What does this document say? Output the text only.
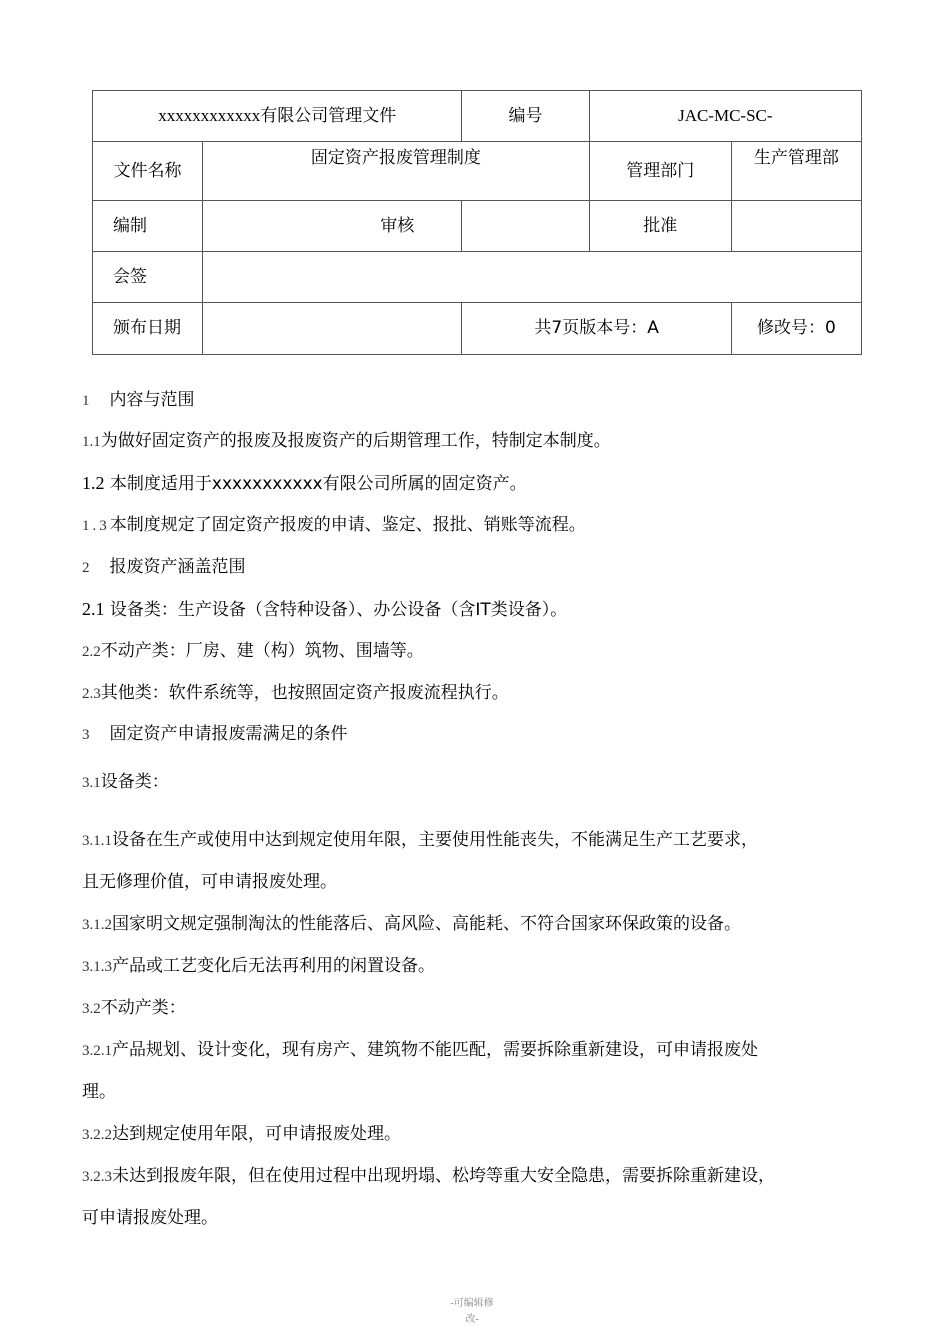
xxxxxxxxxxxx有限公司管理文件		编号	JAC-MC-SC-	
文件名称	固定资产报废管理制度		管理部门	生产管理部
编制	审核		批准	
会签				
颁布日期		共7页版本号：A		修改号：0
1 内容与范围
1.1为做好固定资产的报废及报废资产的后期管理工作，特制定本制度。
1.2 本制度适用于xxxxxxxxxxx有限公司所属的固定资产。
1.3本制度规定了固定资产报废的申请、鉴定、报批、销账等流程。
2 报废资产涵盖范围
2.1 设备类：生产设备（含特种设备）、办公设备（含IT类设备）。
2.2不动产类：厂房、建（构）筑物、围墙等。
2.3其他类：软件系统等，也按照固定资产报废流程执行。
3 固定资产申请报废需满足的条件
3.1设备类：
3.1.1设备在生产或使用中达到规定使用年限，主要使用性能丧失，不能满足生产工艺要求，
且无修理价值，可申请报废处理。
3.1.2国家明文规定强制淘汰的性能落后、高风险、高能耗、不符合国家环保政策的设备。
3.1.3产品或工艺变化后无法再利用的闲置设备。
3.2不动产类：
3.2.1产品规划、设计变化，现有房产、建筑物不能匹配，需要拆除重新建设，可申请报废处
理。
3.2.2达到规定使用年限，可申请报废处理。
3.2.3未达到报废年限，但在使用过程中出现坍塌、松垮等重大安全隐患，需要拆除重新建设，
可申请报废处理。
-可编辑修
改-
